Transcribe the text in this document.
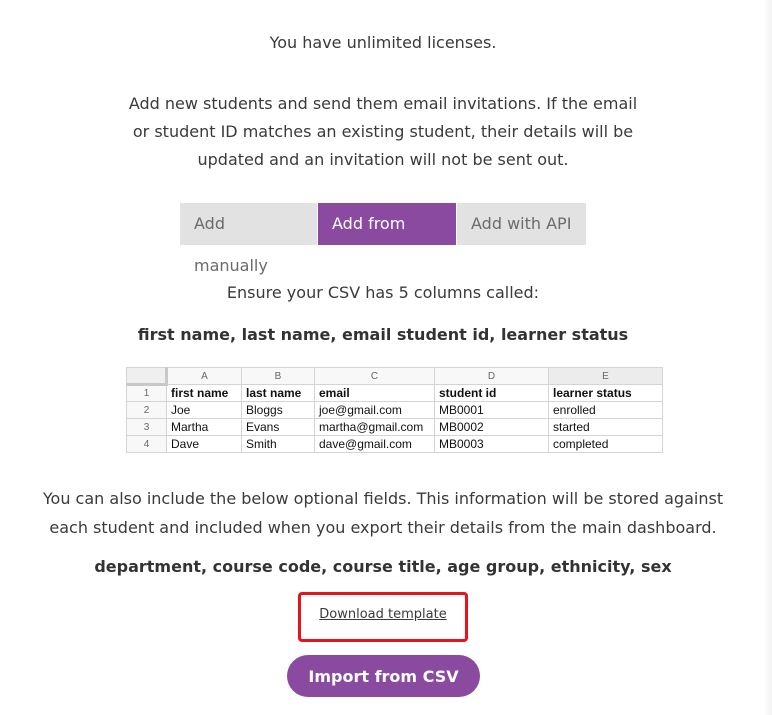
You have unlimited licenses.

Add new students and send them email invitations. If the email or student ID matches an existing student, their details will be updated and an invitation will not be sent out.

Add manually
Add from CSV
Add with API

Ensure your CSV has 5 columns called:

first name, last name, email student id, learner status

	A	B	C	D	E
1	first name	last name	email	student id	learner status
2	Joe	Bloggs	joe@gmail.com	MB0001	enrolled
3	Martha	Evans	martha@gmail.com	MB0002	started
4	Dave	Smith	dave@gmail.com	MB0003	completed

You can also include the below optional fields. This information will be stored against each student and included when you export their details from the main dashboard.

department, course code, course title, age group, ethnicity, sex

Download template
Import from CSV
